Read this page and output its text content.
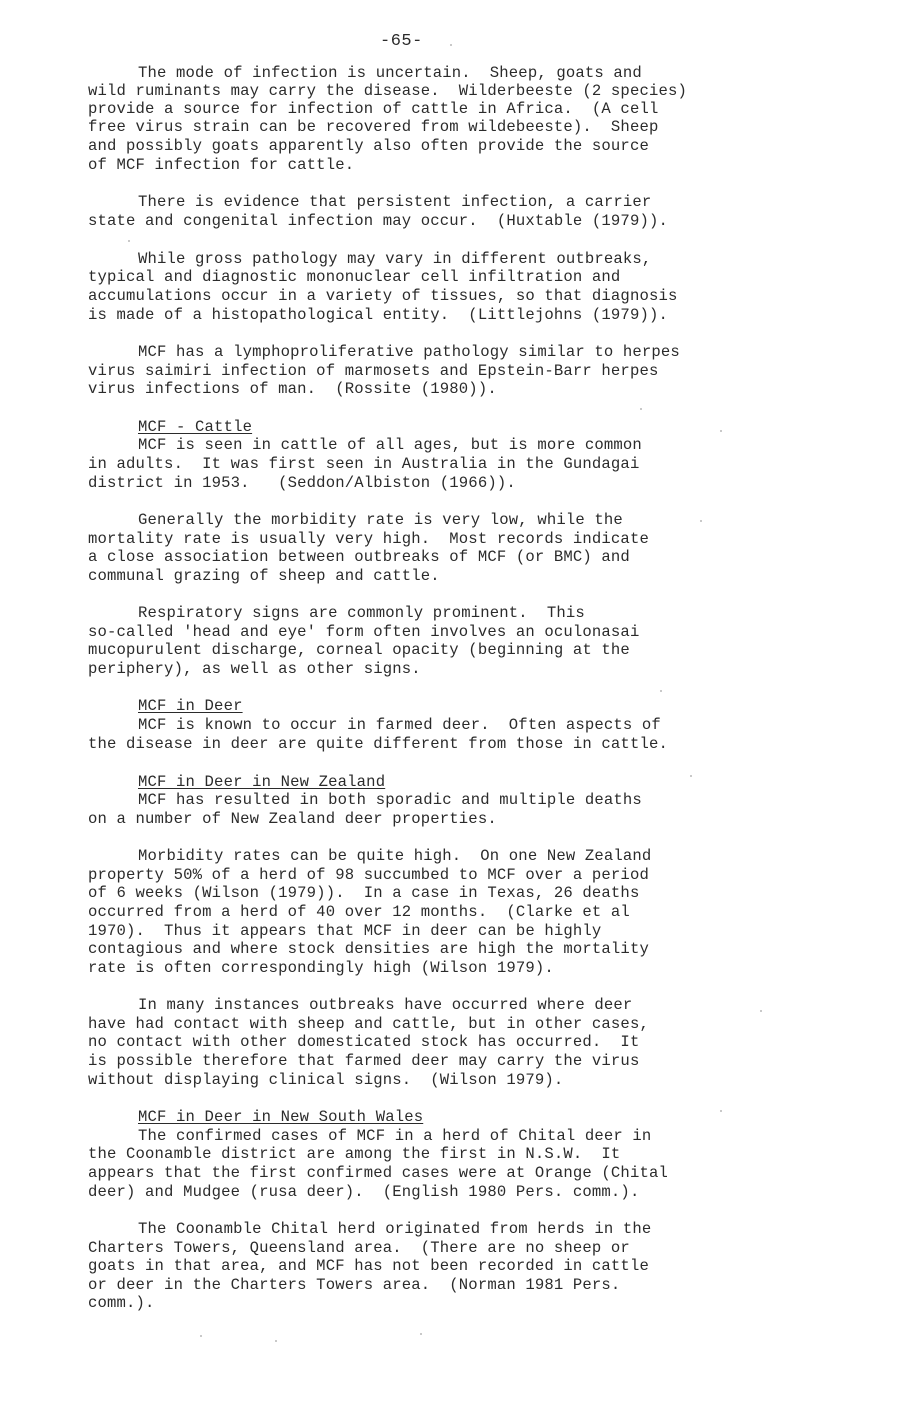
-65-
The mode of infection is uncertain.  Sheep, goats and
wild ruminants may carry the disease.  Wilderbeeste (2 species)
provide a source for infection of cattle in Africa.  (A cell
free virus strain can be recovered from wildebeeste).  Sheep
and possibly goats apparently also often provide the source
of MCF infection for cattle.
There is evidence that persistent infection, a carrier
state and congenital infection may occur.  (Huxtable (1979)).
While gross pathology may vary in different outbreaks,
typical and diagnostic mononuclear cell infiltration and
accumulations occur in a variety of tissues, so that diagnosis
is made of a histopathological entity.  (Littlejohns (1979)).
MCF has a lymphoproliferative pathology similar to herpes
virus saimiri infection of marmosets and Epstein-Barr herpes
virus infections of man.  (Rossite (1980)).
MCF - Cattle
MCF is seen in cattle of all ages, but is more common
in adults.  It was first seen in Australia in the Gundagai
district in 1953.   (Seddon/Albiston (1966)).
Generally the morbidity rate is very low, while the
mortality rate is usually very high.  Most records indicate
a close association between outbreaks of MCF (or BMC) and
communal grazing of sheep and cattle.
Respiratory signs are commonly prominent.  This
so-called 'head and eye' form often involves an oculonasai
mucopurulent discharge, corneal opacity (beginning at the
periphery), as well as other signs.
MCF in Deer
MCF is known to occur in farmed deer.  Often aspects of
the disease in deer are quite different from those in cattle.
MCF in Deer in New Zealand
MCF has resulted in both sporadic and multiple deaths
on a number of New Zealand deer properties.
Morbidity rates can be quite high.  On one New Zealand
property 50% of a herd of 98 succumbed to MCF over a period
of 6 weeks (Wilson (1979)).  In a case in Texas, 26 deaths
occurred from a herd of 40 over 12 months.  (Clarke et al
1970).  Thus it appears that MCF in deer can be highly
contagious and where stock densities are high the mortality
rate is often correspondingly high (Wilson 1979).
In many instances outbreaks have occurred where deer
have had contact with sheep and cattle, but in other cases,
no contact with other domesticated stock has occurred.  It
is possible therefore that farmed deer may carry the virus
without displaying clinical signs.  (Wilson 1979).
MCF in Deer in New South Wales
The confirmed cases of MCF in a herd of Chital deer in
the Coonamble district are among the first in N.S.W.  It
appears that the first confirmed cases were at Orange (Chital
deer) and Mudgee (rusa deer).  (English 1980 Pers. comm.).
The Coonamble Chital herd originated from herds in the
Charters Towers, Queensland area.  (There are no sheep or
goats in that area, and MCF has not been recorded in cattle
or deer in the Charters Towers area.  (Norman 1981 Pers.
comm.).
